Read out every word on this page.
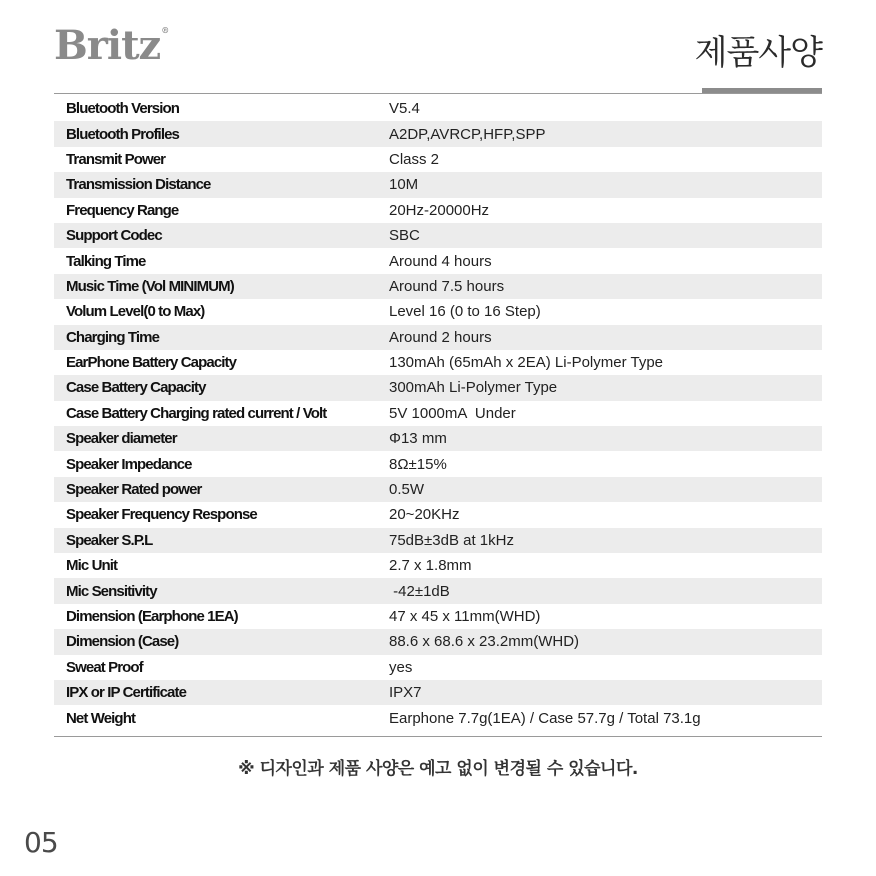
Britz®
제품사양
Bluetooth Version	V5.4
Bluetooth Profiles	A2DP,AVRCP,HFP,SPP
Transmit Power	Class 2
Transmission Distance	10M
Frequency Range	20Hz-20000Hz
Support Codec	SBC
Talking Time	Around 4 hours
Music Time (Vol MINIMUM)	Around 7.5 hours
Volum Level(0 to Max)	Level 16 (0 to 16 Step)
Charging Time	Around 2 hours
EarPhone Battery Capacity	130mAh (65mAh x 2EA) Li-Polymer Type
Case Battery Capacity	300mAh Li-Polymer Type
Case Battery Charging rated current / Volt	5V 1000mA  Under
Speaker diameter	Φ13 mm
Speaker Impedance	8Ω±15%
Speaker Rated power	0.5W
Speaker Frequency Response	20~20KHz
Speaker S.P.L	75dB±3dB at 1kHz
Mic Unit	2.7 x 1.8mm
Mic Sensitivity	-42±1dB
Dimension (Earphone 1EA)	47 x 45 x 11mm(WHD)
Dimension (Case)	88.6 x 68.6 x 23.2mm(WHD)
Sweat Proof	yes
IPX or IP Certificate	IPX7
Net Weight	Earphone 7.7g(1EA) / Case 57.7g / Total 73.1g
※ 디자인과 제품 사양은 예고 없이 변경될 수 있습니다.
05
